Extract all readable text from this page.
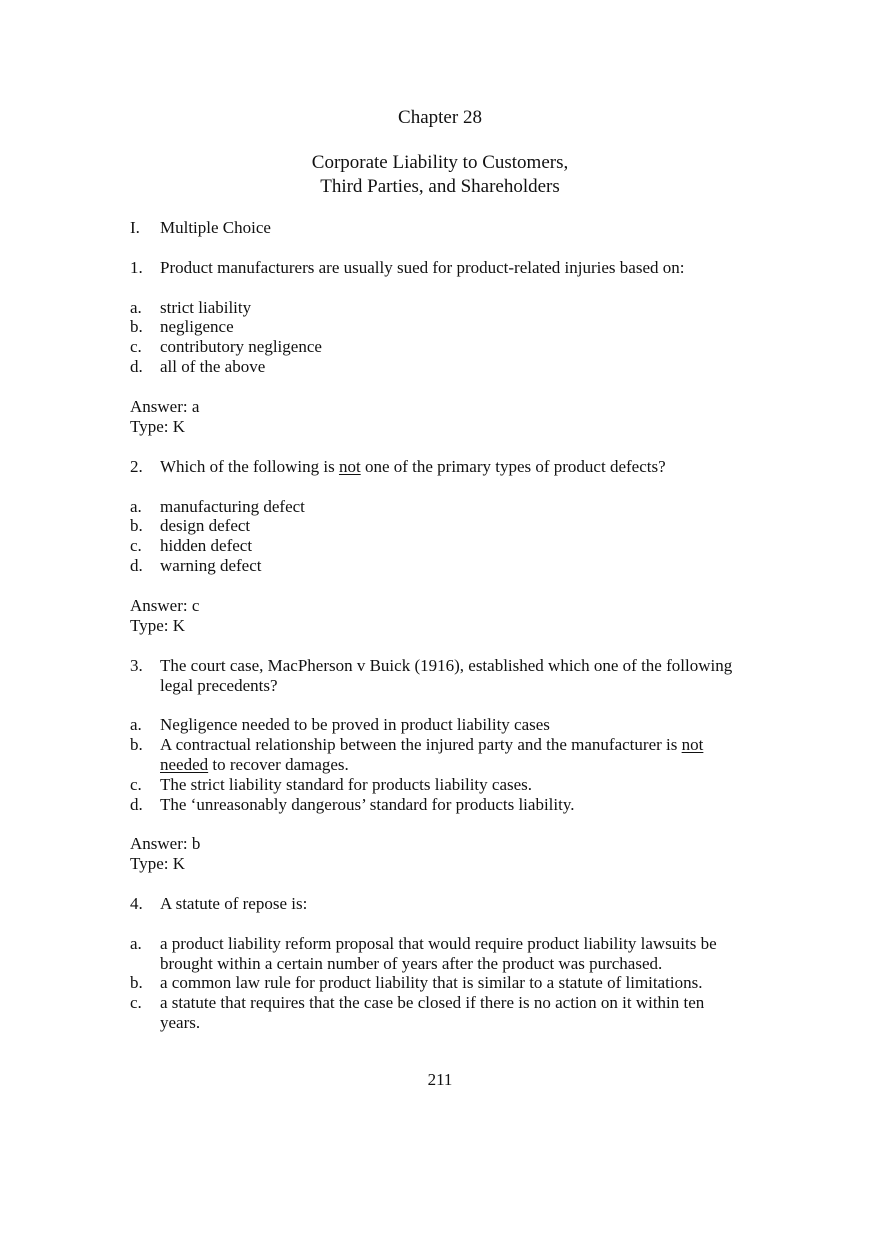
Chapter 28
Corporate Liability to Customers,
Third Parties, and Shareholders
I. Multiple Choice
1. Product manufacturers are usually sued for product-related injuries based on:
a. strict liability
b. negligence
c. contributory negligence
d. all of the above
Answer: a
Type: K
2. Which of the following is not one of the primary types of product defects?
a. manufacturing defect
b. design defect
c. hidden defect
d. warning defect
Answer: c
Type: K
3. The court case, MacPherson v Buick (1916), established which one of the following
legal precedents?
a. Negligence needed to be proved in product liability cases
b. A contractual relationship between the injured party and the manufacturer is not
needed to recover damages.
c. The strict liability standard for products liability cases.
d. The ‘unreasonably dangerous’ standard for products liability.
Answer: b
Type: K
4. A statute of repose is:
a. a product liability reform proposal that would require product liability lawsuits be
brought within a certain number of years after the product was purchased.
b. a common law rule for product liability that is similar to a statute of limitations.
c. a statute that requires that the case be closed if there is no action on it within ten
years.
211
